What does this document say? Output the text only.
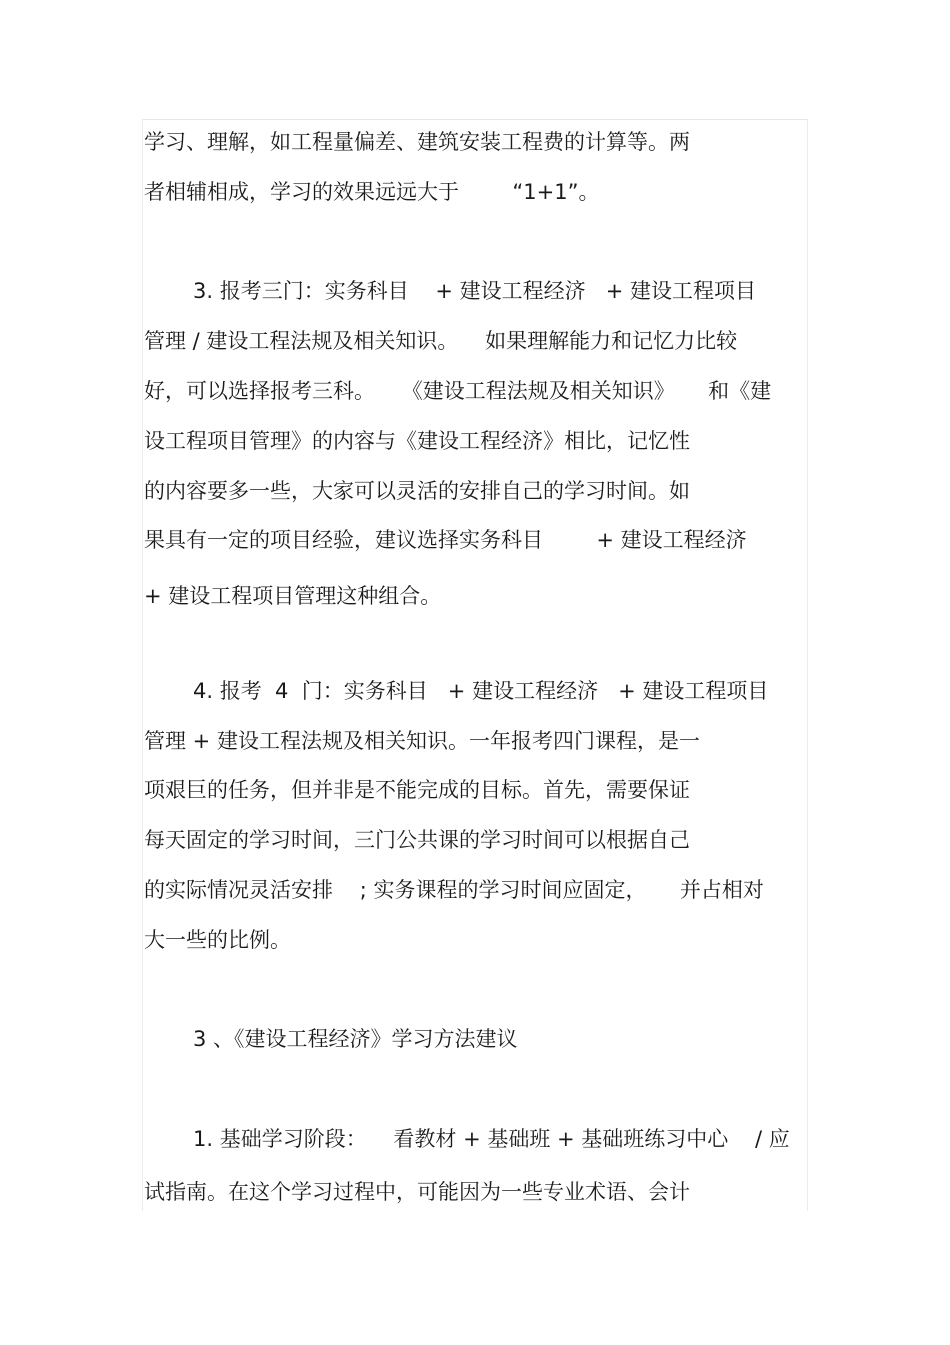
学习、理解，如工程量偏差、建筑安装工程费的计算等。两
者相辅相成，学习的效果远远大于        “1+1”。
3. 报考三门：实务科目    + 建设工程经济   + 建设工程项目
管理 / 建设工程法规及相关知识。    如果理解能力和记忆力比较
好，可以选择报考三科。    《建设工程法规及相关知识》     和《建
设工程项目管理》的内容与《建设工程经济》相比，记忆性
的内容要多一些，大家可以灵活的安排自己的学习时间。如
果具有一定的项目经验，建议选择实务科目        + 建设工程经济
+ 建设工程项目管理这种组合。
4. 报考  4  门：实务科目   + 建设工程经济   + 建设工程项目
管理 + 建设工程法规及相关知识。一年报考四门课程，是一
项艰巨的任务，但并非是不能完成的目标。首先，需要保证
每天固定的学习时间，三门公共课的学习时间可以根据自己
的实际情况灵活安排    ; 实务课程的学习时间应固定，     并占相对
大一些的比例。
3 、《建设工程经济》学习方法建议
1. 基础学习阶段：    看教材 + 基础班 + 基础班练习中心    / 应
试指南。在这个学习过程中，可能因为一些专业术语、会计
